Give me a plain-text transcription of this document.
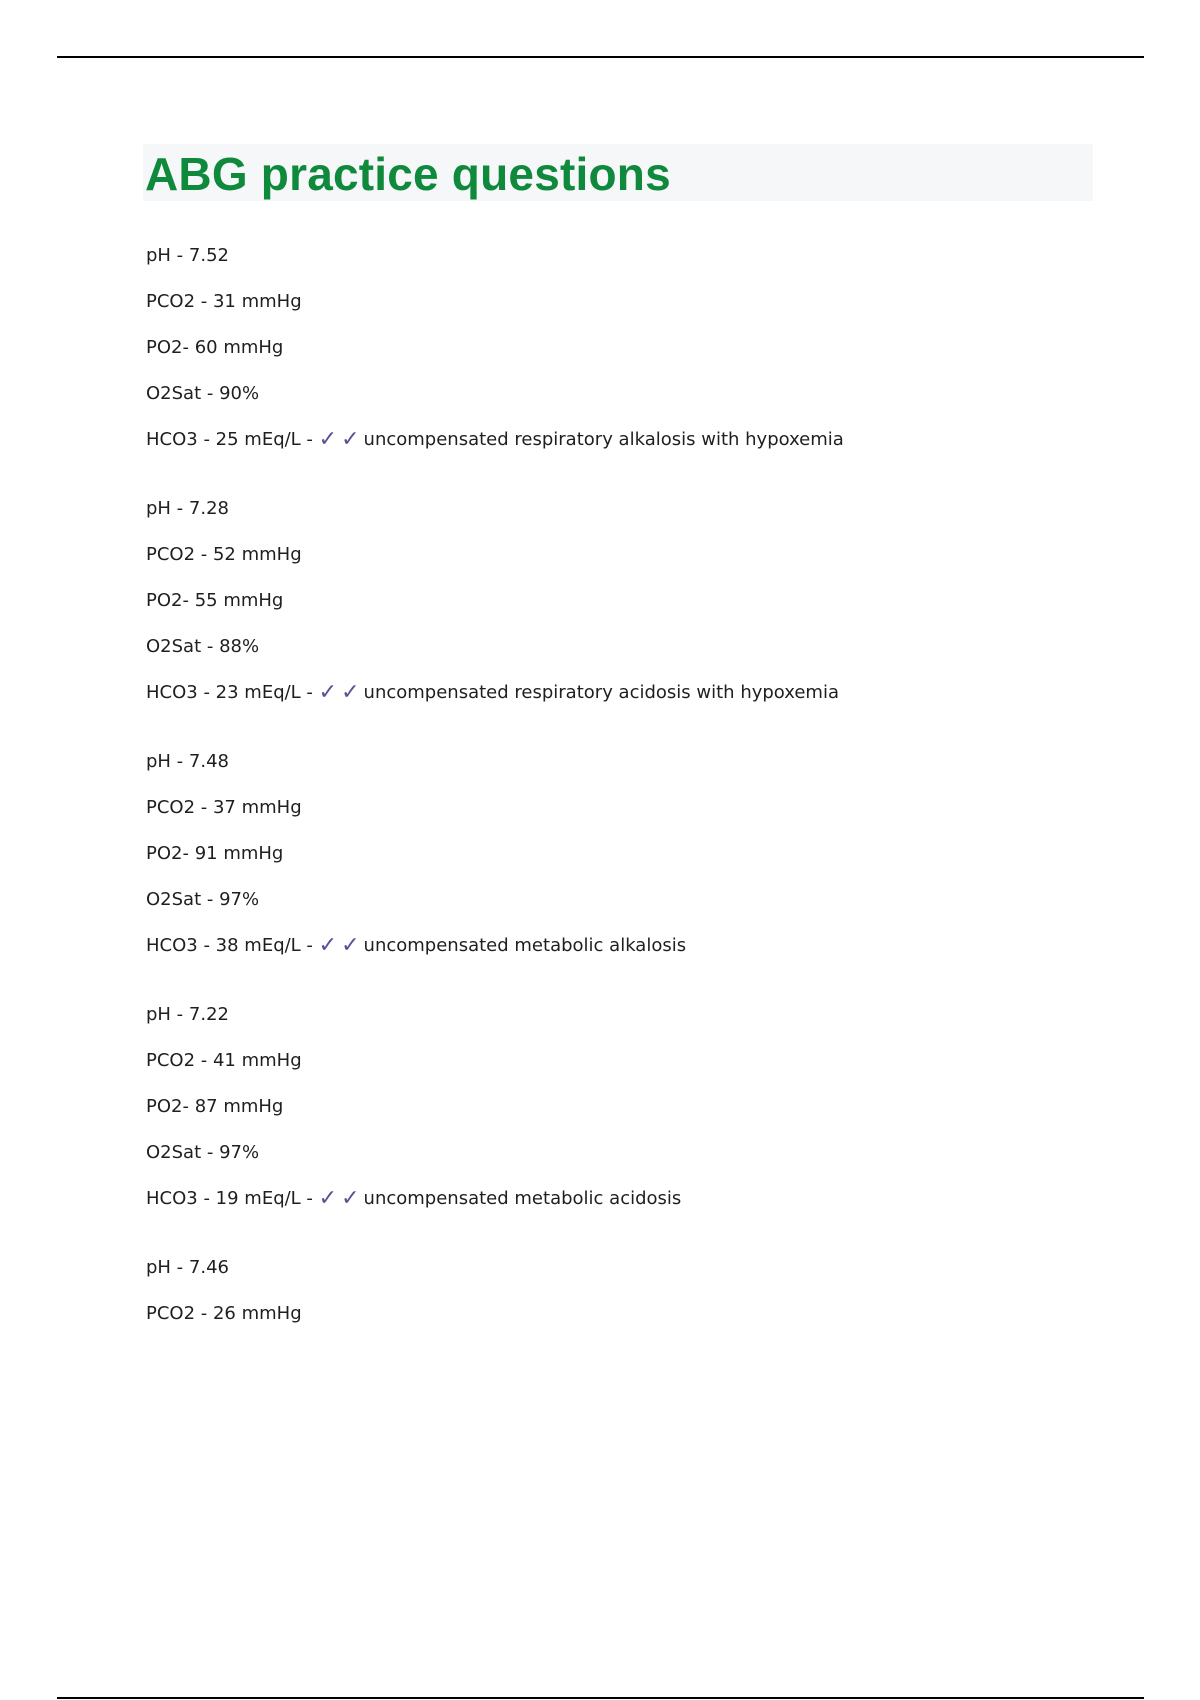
ABG practice questions
pH - 7.52
PCO2 - 31 mmHg
PO2- 60 mmHg
O2Sat - 90%
HCO3 - 25 mEq/L - ✓ ✓ uncompensated respiratory alkalosis with hypoxemia
pH - 7.28
PCO2 - 52 mmHg
PO2- 55 mmHg
O2Sat - 88%
HCO3 - 23 mEq/L - ✓ ✓ uncompensated respiratory acidosis with hypoxemia
pH - 7.48
PCO2 - 37 mmHg
PO2- 91 mmHg
O2Sat - 97%
HCO3 - 38 mEq/L - ✓ ✓ uncompensated metabolic alkalosis
pH - 7.22
PCO2 - 41 mmHg
PO2- 87 mmHg
O2Sat - 97%
HCO3 - 19 mEq/L - ✓ ✓ uncompensated metabolic acidosis
pH - 7.46
PCO2 - 26 mmHg
